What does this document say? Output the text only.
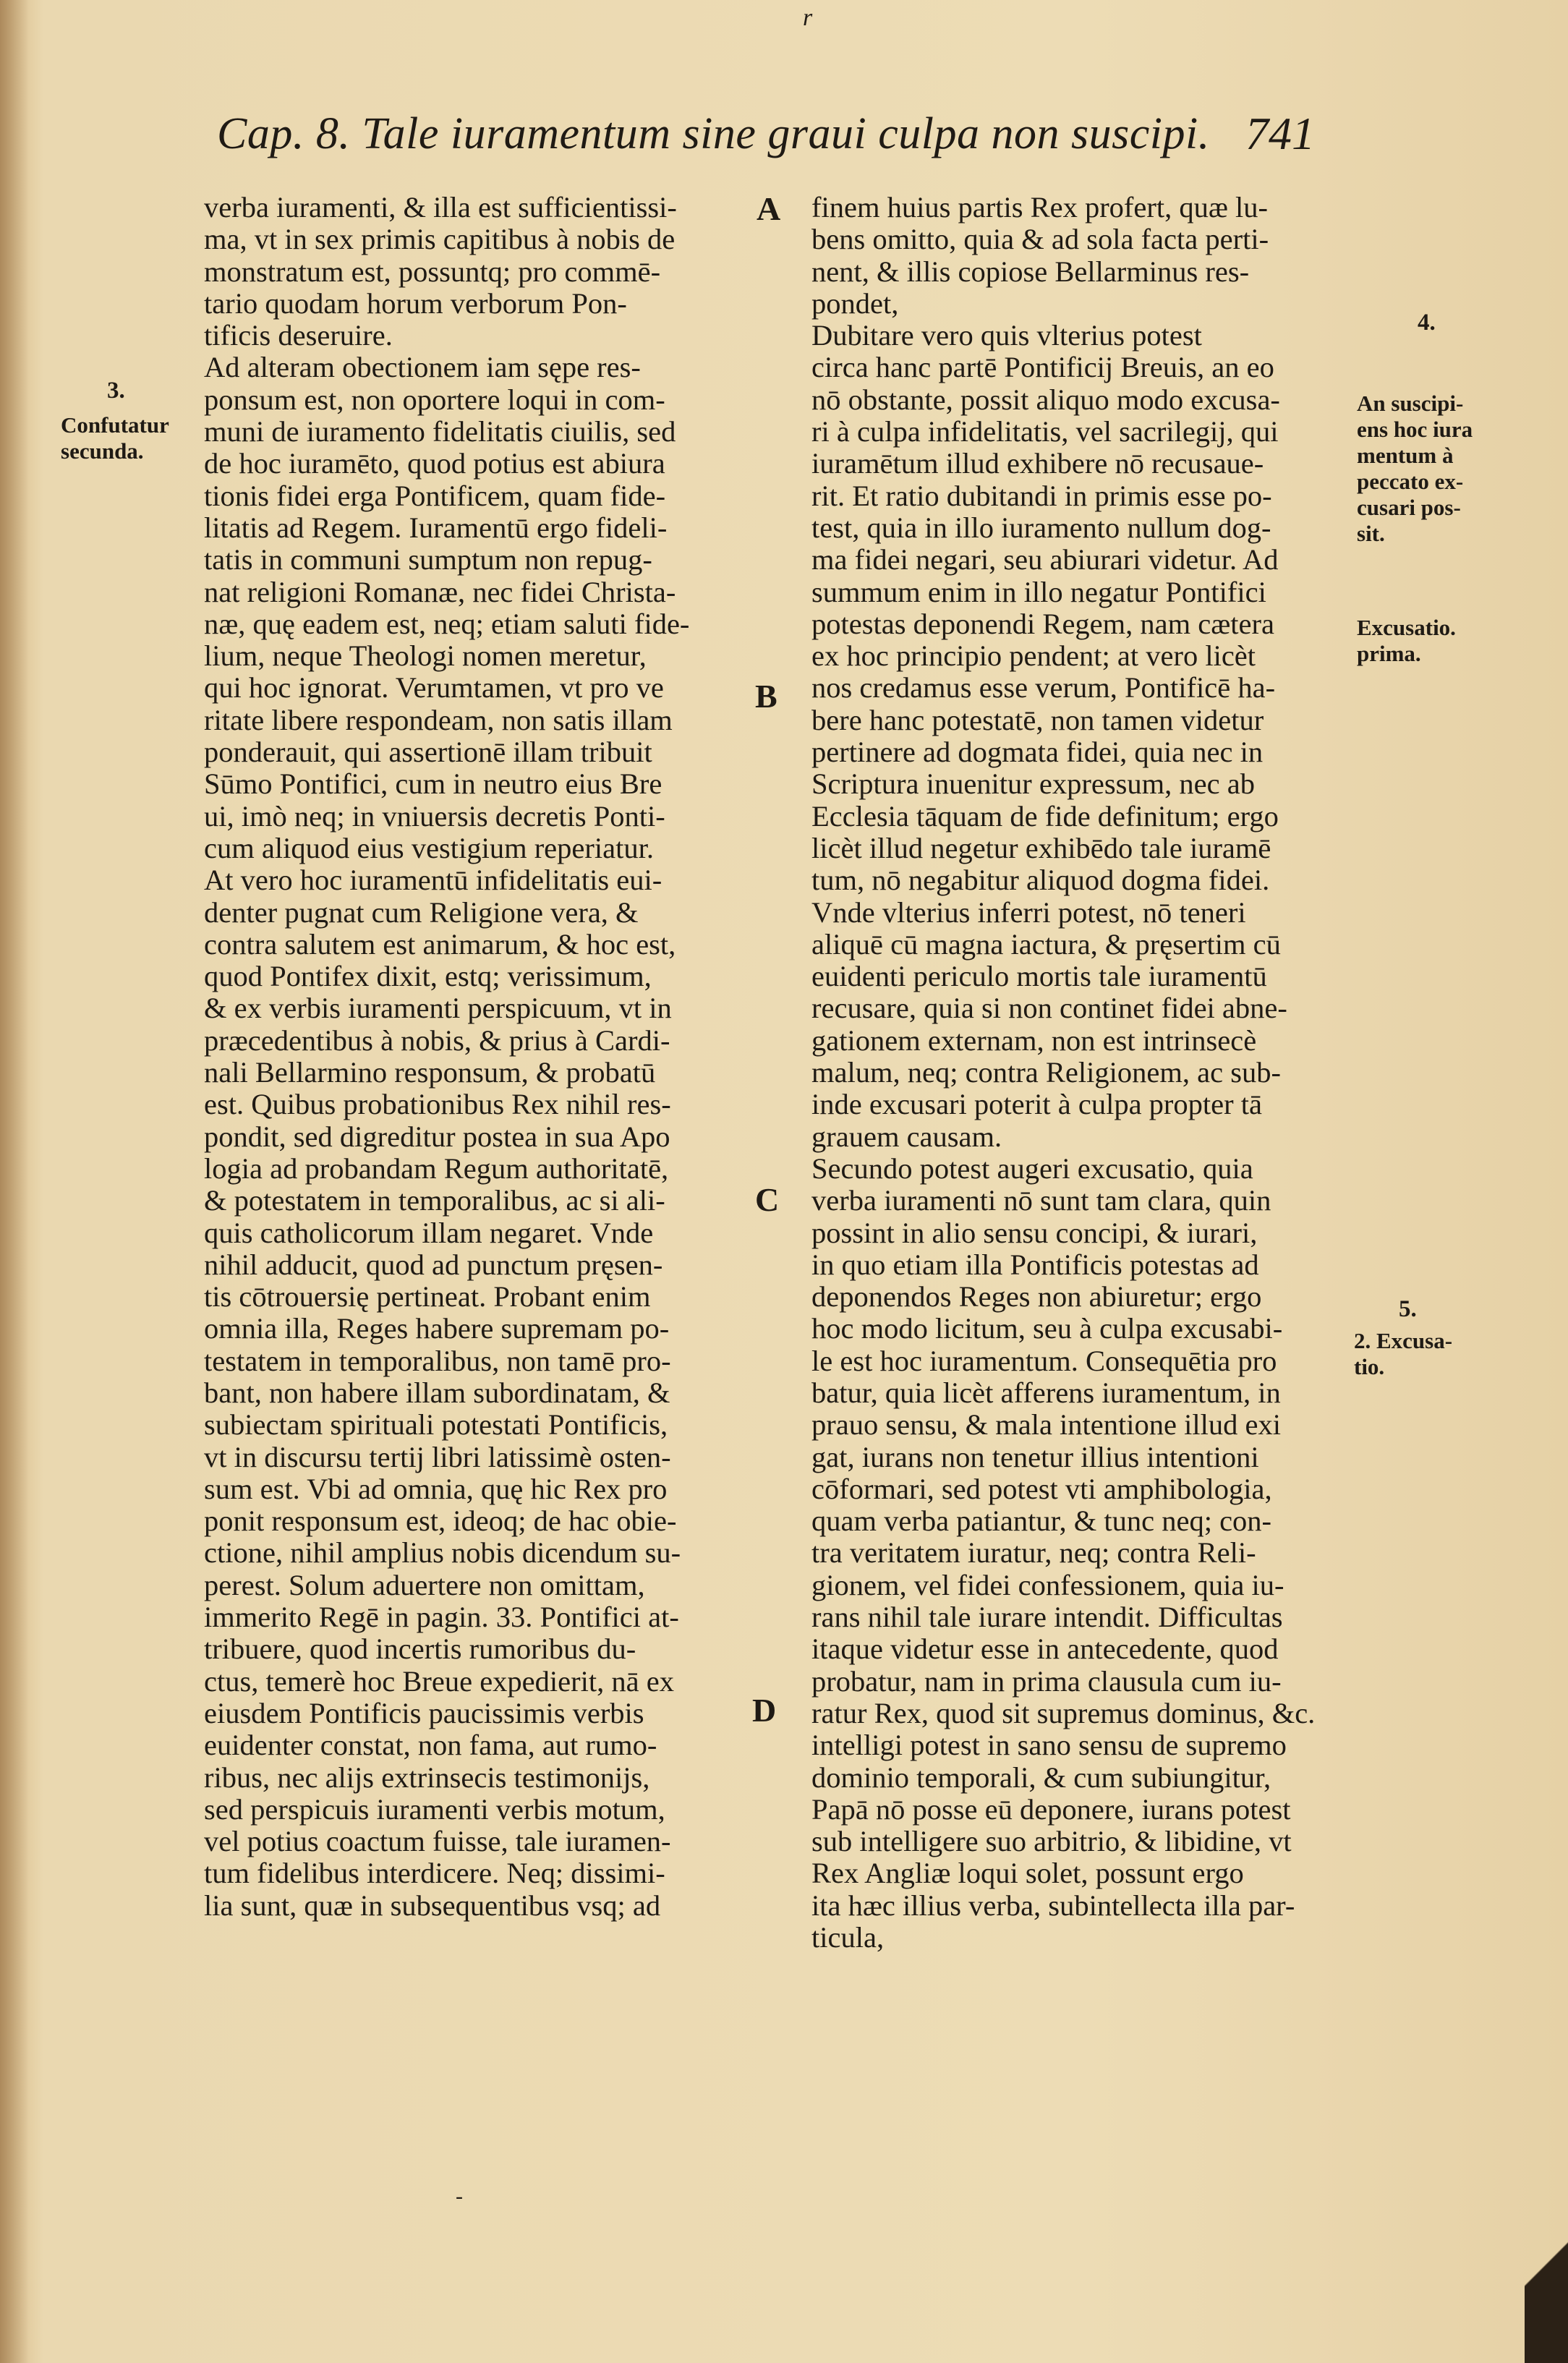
r
Cap. 8. Tale iuramentum sine graui culpa non suscipi. 741
3.
Confutatur
secunda.
A
B
C
D
4.
An suscipi-
ens hoc iura
mentum à
peccato ex-
cusari pos-
sit.
Excusatio.
prima.
5.
2. Excusa-
tio.
verba iuramenti, & illa est sufficientissi-
ma, vt in sex primis capitibus à nobis de
monstratum est, possuntq; pro commē-
tario quodam horum verborum Pon-
tificis deseruire.
Ad alteram obectionem iam sępe res-
ponsum est, non oportere loqui in com-
muni de iuramento fidelitatis ciuilis, sed
de hoc iuramēto, quod potius est abiura
tionis fidei erga Pontificem, quam fide-
litatis ad Regem. Iuramentū ergo fideli-
tatis in communi sumptum non repug-
nat religioni Romanæ, nec fidei Christa-
næ, quę eadem est, neq; etiam saluti fide-
lium, neque Theologi nomen meretur,
qui hoc ignorat. Verumtamen, vt pro ve
ritate libere respondeam, non satis illam
ponderauit, qui assertionē illam tribuit
Sūmo Pontifici, cum in neutro eius Bre
ui, imò neq; in vniuersis decretis Ponti-
cum aliquod eius vestigium reperiatur.
At vero hoc iuramentū infidelitatis eui-
denter pugnat cum Religione vera, &
contra salutem est animarum, & hoc est,
quod Pontifex dixit, estq; verissimum,
& ex verbis iuramenti perspicuum, vt in
præcedentibus à nobis, & prius à Cardi-
nali Bellarmino responsum, & probatū
est. Quibus probationibus Rex nihil res-
pondit, sed digreditur postea in sua Apo
logia ad probandam Regum authoritatē,
& potestatem in temporalibus, ac si ali-
quis catholicorum illam negaret. Vnde
nihil adducit, quod ad punctum pręsen-
tis cōtrouersię pertineat. Probant enim
omnia illa, Reges habere supremam po-
testatem in temporalibus, non tamē pro-
bant, non habere illam subordinatam, &
subiectam spirituali potestati Pontificis,
vt in discursu tertij libri latissimè osten-
sum est. Vbi ad omnia, quę hic Rex pro
ponit responsum est, ideoq; de hac obie-
ctione, nihil amplius nobis dicendum su-
perest. Solum aduertere non omittam,
immerito Regē in pagin. 33. Pontifici at-
tribuere, quod incertis rumoribus du-
ctus, temerè hoc Breue expedierit, nā ex
eiusdem Pontificis paucissimis verbis
euidenter constat, non fama, aut rumo-
ribus, nec alijs extrinsecis testimonijs,
sed perspicuis iuramenti verbis motum,
vel potius coactum fuisse, tale iuramen-
tum fidelibus interdicere. Neq; dissimi-
lia sunt, quæ in subsequentibus vsq; ad
finem huius partis Rex profert, quæ lu-
bens omitto, quia & ad sola facta perti-
nent, & illis copiose Bellarminus res-
pondet,
Dubitare vero quis vlterius potest
circa hanc partē Pontificij Breuis, an eo
nō obstante, possit aliquo modo excusa-
ri à culpa infidelitatis, vel sacrilegij, qui
iuramētum illud exhibere nō recusaue-
rit. Et ratio dubitandi in primis esse po-
test, quia in illo iuramento nullum dog-
ma fidei negari, seu abiurari videtur. Ad
summum enim in illo negatur Pontifici
potestas deponendi Regem, nam cætera
ex hoc principio pendent; at vero licèt
nos credamus esse verum, Pontificē ha-
bere hanc potestatē, non tamen videtur
pertinere ad dogmata fidei, quia nec in
Scriptura inuenitur expressum, nec ab
Ecclesia tāquam de fide definitum; ergo
licèt illud negetur exhibēdo tale iuramē
tum, nō negabitur aliquod dogma fidei.
Vnde vlterius inferri potest, nō teneri
aliquē cū magna iactura, & pręsertim cū
euidenti periculo mortis tale iuramentū
recusare, quia si non continet fidei abne-
gationem externam, non est intrinsecè
malum, neq; contra Religionem, ac sub-
inde excusari poterit à culpa propter tā
grauem causam.
Secundo potest augeri excusatio, quia
verba iuramenti nō sunt tam clara, quin
possint in alio sensu concipi, & iurari,
in quo etiam illa Pontificis potestas ad
deponendos Reges non abiuretur; ergo
hoc modo licitum, seu à culpa excusabi-
le est hoc iuramentum. Consequētia pro
batur, quia licèt afferens iuramentum, in
prauo sensu, & mala intentione illud exi
gat, iurans non tenetur illius intentioni
cōformari, sed potest vti amphibologia,
quam verba patiantur, & tunc neq; con-
tra veritatem iuratur, neq; contra Reli-
gionem, vel fidei confessionem, quia iu-
rans nihil tale iurare intendit. Difficultas
itaque videtur esse in antecedente, quod
probatur, nam in prima clausula cum iu-
ratur Rex, quod sit supremus dominus, &c.
intelligi potest in sano sensu de supremo
dominio temporali, & cum subiungitur,
Papā nō posse eū deponere, iurans potest
sub intelligere suo arbitrio, & libidine, vt
Rex Angliæ loqui solet, possunt ergo
ita hæc illius verba, subintellecta illa par-
ticula,
-
